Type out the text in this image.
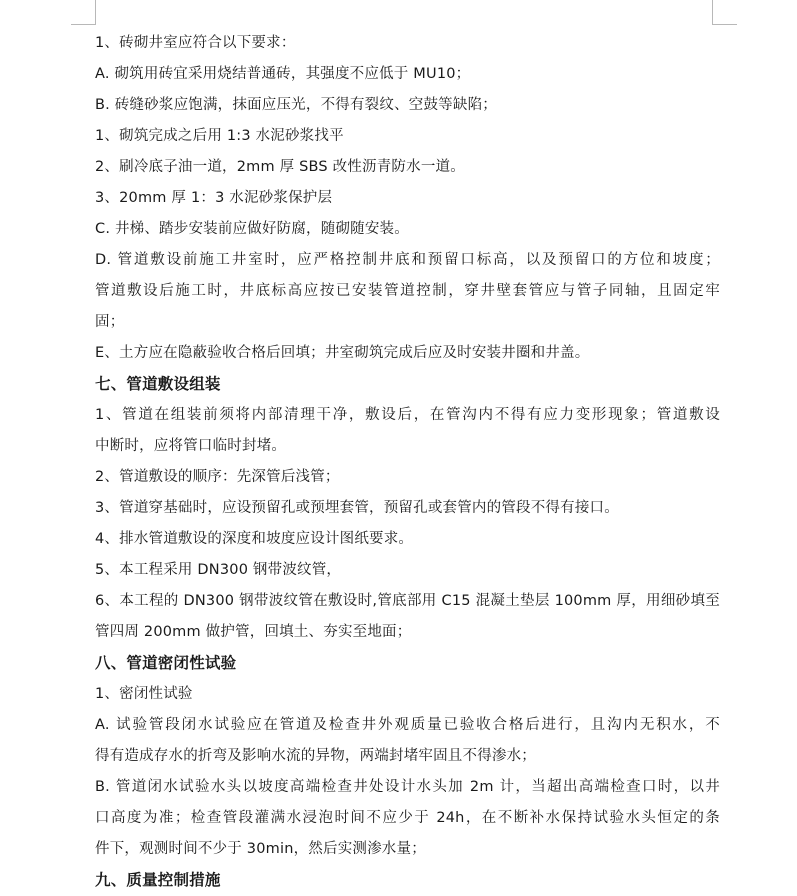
1、砖砌井室应符合以下要求：
A. 砌筑用砖宜采用烧结普通砖，其强度不应低于 MU10；
B. 砖缝砂浆应饱满，抹面应压光，不得有裂纹、空鼓等缺陷；
1、砌筑完成之后用 1:3 水泥砂浆找平
2、刷冷底子油一道，2mm 厚 SBS 改性沥青防水一道。
3、20mm 厚 1：3 水泥砂浆保护层
C. 井梯、踏步安装前应做好防腐，随砌随安装。
D. 管道敷设前施工井室时，应严格控制井底和预留口标高，以及预留口的方位和坡度；
管道敷设后施工时，井底标高应按已安装管道控制，穿井壁套管应与管子同轴，且固定牢
固；
E、土方应在隐蔽验收合格后回填；井室砌筑完成后应及时安装井圈和井盖。
七、管道敷设组装
1、管道在组装前须将内部清理干净，敷设后，在管沟内不得有应力变形现象；管道敷设
中断时，应将管口临时封堵。
2、管道敷设的顺序：先深管后浅管；
3、管道穿基础时，应设预留孔或预埋套管，预留孔或套管内的管段不得有接口。
4、排水管道敷设的深度和坡度应设计图纸要求。
5、本工程采用 DN300 钢带波纹管，
6、本工程的 DN300 钢带波纹管在敷设时,管底部用 C15 混凝土垫层 100mm 厚，用细砂填至
管四周 200mm 做护管，回填土、夯实至地面；
八、管道密闭性试验
1、密闭性试验
A. 试验管段闭水试验应在管道及检查井外观质量已验收合格后进行，且沟内无积水，不
得有造成存水的折弯及影响水流的异物，两端封堵牢固且不得渗水；
B. 管道闭水试验水头以坡度高端检查井处设计水头加 2m 计，当超出高端检查口时，以井
口高度为准；检查管段灌满水浸泡时间不应少于 24h，在不断补水保持试验水头恒定的条
件下，观测时间不少于 30min，然后实测渗水量；
九、质量控制措施
